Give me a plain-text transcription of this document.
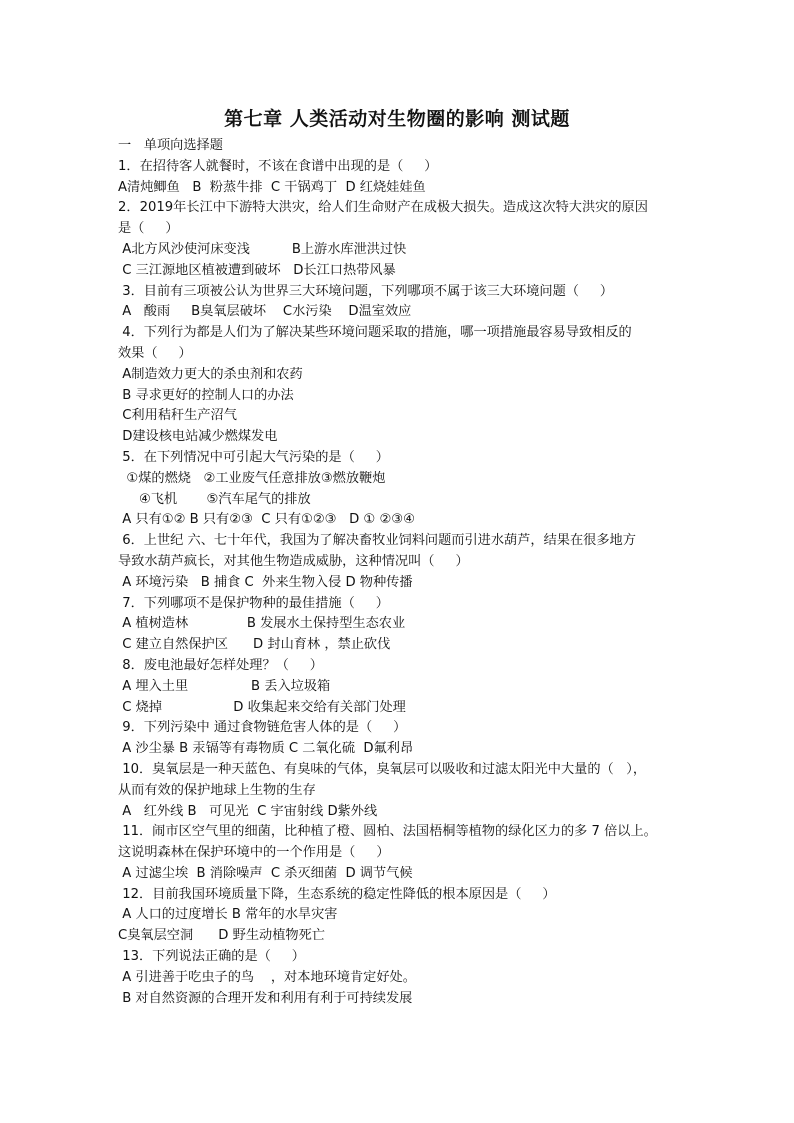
第七章 人类活动对生物圈的影响 测试题
一   单项向选择题
1．在招待客人就餐时，不该在食谱中出现的是（     ）
A清炖鲫鱼   B  粉蒸牛排  C 干锅鸡丁  D 红烧娃娃鱼
2．2019年长江中下游特大洪灾，给人们生命财产在成极大损失。造成这次特大洪灾的原因
是（     ）
A北方风沙使河床变浅          B上游水库泄洪过快
C 三江源地区植被遭到破坏   D长江口热带风暴
3．目前有三项被公认为世界三大环境问题，下列哪项不属于该三大环境问题（     ）
A   酸雨     B臭氧层破坏    C水污染    D温室效应
4．下列行为都是人们为了解决某些环境问题采取的措施，哪一项措施最容易导致相反的
效果（     ）
A制造效力更大的杀虫剂和农药
B 寻求更好的控制人口的办法
C利用秸秆生产沼气
D建设核电站减少燃煤发电
5．在下列情况中可引起大气污染的是（     ）
①煤的燃烧   ②工业废气任意排放③燃放鞭炮
④飞机       ⑤汽车尾气的排放
A 只有①② B 只有②③  C 只有①②③   D ① ②③④
6．上世纪 六、七十年代，我国为了解决畜牧业饲料问题而引进水葫芦，结果在很多地方
导致水葫芦疯长，对其他生物造成威胁，这种情况叫（     ）
A 环境污染   B 捕食 C  外来生物入侵 D 物种传播
7．下列哪项不是保护物种的最佳措施（     ）
A 植树造林              B 发展水土保持型生态农业
C 建立自然保护区      D 封山育林 ，禁止砍伐
8．废电池最好怎样处理？（     ）
A 埋入土里               B 丢入垃圾箱
C 烧掉                 D 收集起来交给有关部门处理
9．下列污染中 通过食物链危害人体的是（     ）
A 沙尘暴 B 汞镉等有毒物质 C 二氧化硫  D氟利昂
10．臭氧层是一种天蓝色、有臭味的气体，臭氧层可以吸收和过滤太阳光中大量的（   ），
从而有效的保护地球上生物的生存
A   红外线 B   可见光  C 宇宙射线 D紫外线
11．闹市区空气里的细菌，比种植了橙、圆柏、法国梧桐等植物的绿化区力的多 7 倍以上。
这说明森林在保护环境中的一个作用是（     ）
A 过滤尘埃  B 消除噪声  C 杀灭细菌  D 调节气候
12．目前我国环境质量下降，生态系统的稳定性降低的根本原因是（     ）
A 人口的过度增长 B 常年的水旱灾害
C臭氧层空洞      D 野生动植物死亡
13．下列说法正确的是（     ）
A 引进善于吃虫子的鸟    ，对本地环境肯定好处。
B 对自然资源的合理开发和利用有利于可持续发展
